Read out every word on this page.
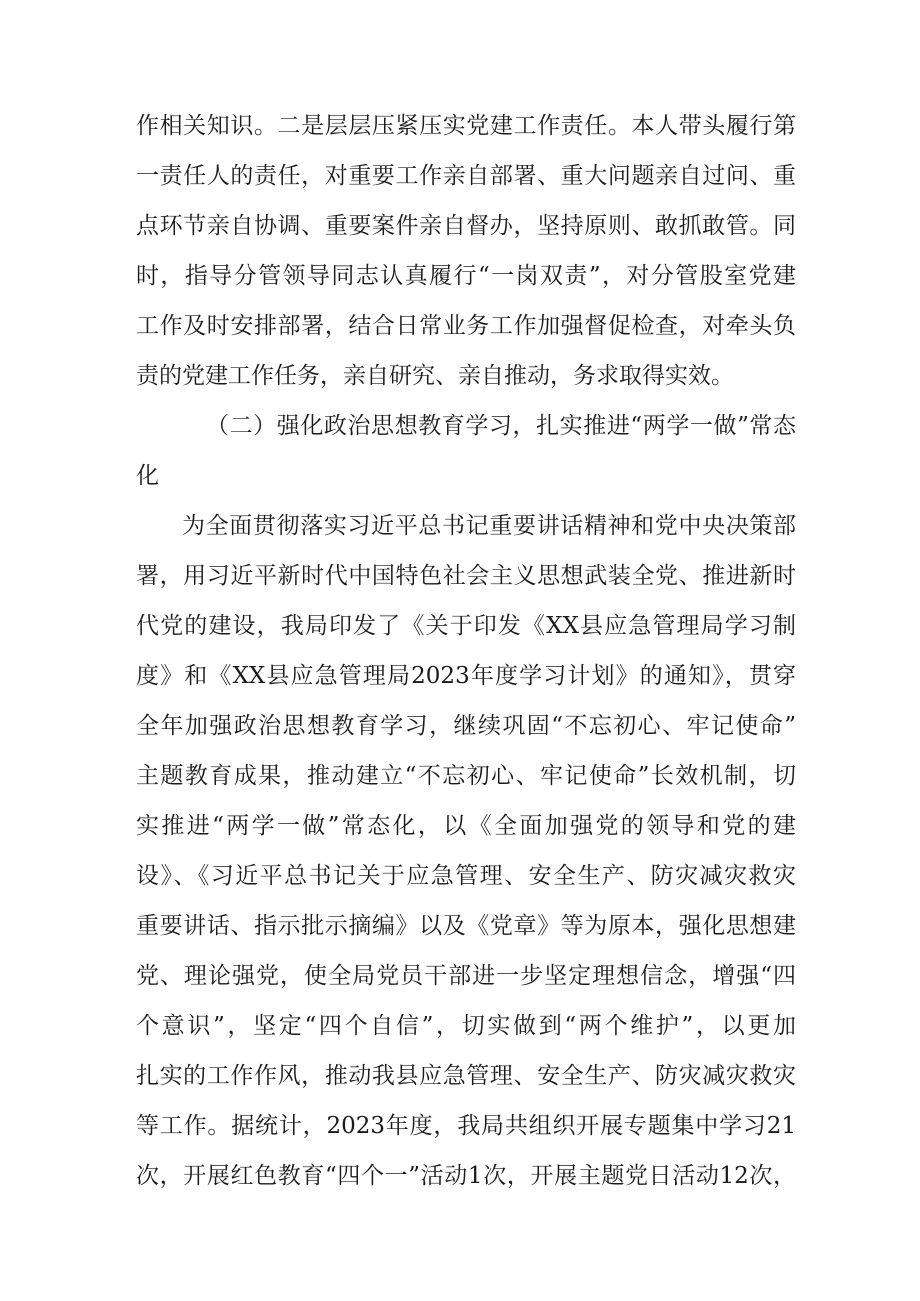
作相关知识。二是层层压紧压实党建工作责任。本人带头履行第
一责任人的责任，对重要工作亲自部署、重大问题亲自过问、重
点环节亲自协调、重要案件亲自督办，坚持原则、敢抓敢管。同
时，指导分管领导同志认真履行“一岗双责”，对分管股室党建
工作及时安排部署，结合日常业务工作加强督促检查，对牵头负
责的党建工作任务，亲自研究、亲自推动，务求取得实效。
（二）强化政治思想教育学习，扎实推进“两学一做”常态
化
为全面贯彻落实习近平总书记重要讲话精神和党中央决策部
署，用习近平新时代中国特色社会主义思想武装全党、推进新时
代党的建设，我局印发了《关于印发《XX县应急管理局学习制
度》和《XX县应急管理局2023年度学习计划》的通知》，贯穿
全年加强政治思想教育学习，继续巩固“不忘初心、牢记使命”
主题教育成果，推动建立“不忘初心、牢记使命”长效机制，切
实推进“两学一做”常态化，以《全面加强党的领导和党的建
设》、《习近平总书记关于应急管理、安全生产、防灾减灾救灾
重要讲话、指示批示摘编》以及《党章》等为原本，强化思想建
党、理论强党，使全局党员干部进一步坚定理想信念，增强“四
个意识”，坚定“四个自信”，切实做到“两个维护”，以更加
扎实的工作作风，推动我县应急管理、安全生产、防灾减灾救灾
等工作。据统计，2023年度，我局共组织开展专题集中学习21
次，开展红色教育“四个一”活动1次，开展主题党日活动12次，
